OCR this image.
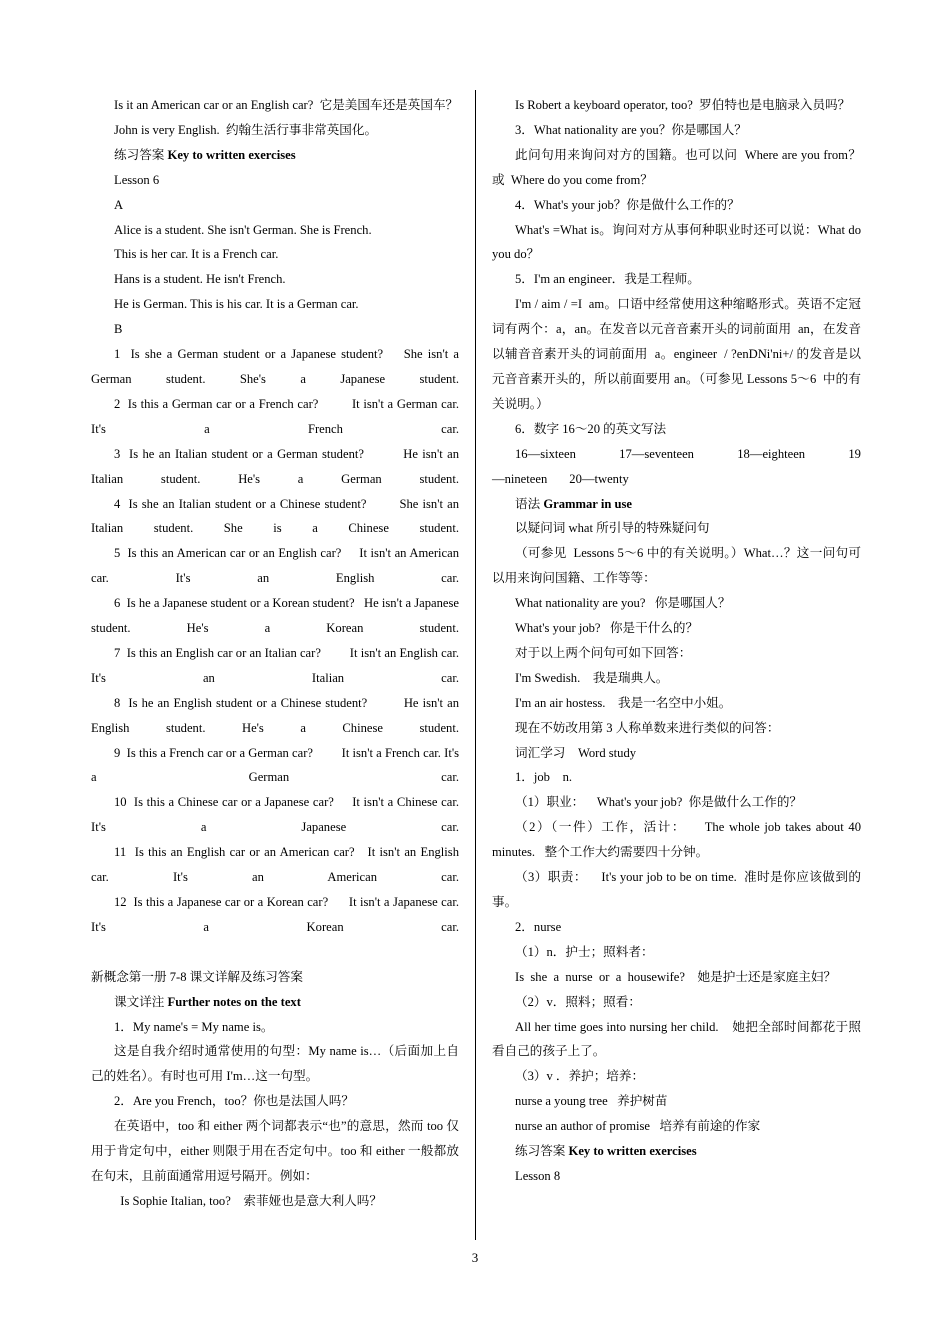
Is it an American car or an English car?  它是美国车还是英国车？

John is very English.  约翰生活行事非常英国化。

练习答案 Key to written exercises

Lesson 6

A

Alice is a student. She isn't German. She is French.

This is her car. It is a French car.

Hans is a student. He isn't French.

He is German. This is his car. It is a German car.

B

1  Is she a German student or a Japanese student?    She isn't a German student. She's a Japanese student.

2  Is this a German car or a French car?         It isn't a German car. It's a French car.

3  Is he an Italian student or a German student?         He isn't an Italian student. He's a German student.

4  Is she an Italian student or a Chinese student?        She isn't an Italian student. She is a Chinese student.

5  Is this an American car or an English car?     It isn't an American car. It's an English car.

6  Is he a Japanese student or a Korean student?   He isn't a Japanese student. He's a Korean student.

7  Is this an English car or an Italian car?         It isn't an English car. It's an Italian car.

8  Is he an English student or a Chinese student?         He isn't an English student. He's a Chinese student.

9  Is this a French car or a German car?         It isn't a French car. It's a German car.

10  Is this a Chinese car or a Japanese car?     It isn't a Chinese car. It's a Japanese car.

11  Is this an English car or an American car?   It isn't an English car. It's an American car.

12  Is this a Japanese car or a Korean car?      It isn't a Japanese car. It's a Korean car.

新概念第一册 7-8 课文详解及练习答案

课文详注 Further notes on the text

1．My name's = My name is。

这是自我介绍时通常使用的句型：My name is…（后面加上自己的姓名）。有时也可用 I'm…这一句型。

2．Are you French，too？你也是法国人吗？

在英语中，too 和 either 两个词都表示“也”的意思，然而 too 仅用于肯定句中，either 则限于用在否定句中。too 和 either 一般都放在句末，且前面通常用逗号隔开。例如：

Is Sophie Italian, too?    索菲娅也是意大利人吗？

Is Robert a keyboard operator, too?  罗伯特也是电脑录入员吗？

3．What nationality are you？你是哪国人？

此问句用来询问对方的国籍。也可以问  Where are you from？或  Where do you come from？

4．What's your job？你是做什么工作的？

What's =What is。询问对方从事何种职业时还可以说：What do you do？

5．I'm an engineer．我是工程师。

I'm / aim / =I  am。口语中经常使用这种缩略形式。英语不定冠词有两个：a，an。在发音以元音音素开头的词前面用  an，在发音以辅音音素开头的词前面用  a。engineer  / ?enDNi'ni+/ 的发音是以元音音素开头的，所以前面要用 an。（可参见 Lessons 5～6  中的有关说明。）

6．数字 16～20 的英文写法

16—sixteen	17—seventeen	18—eighteen	19
—nineteen       20—twenty

语法 Grammar in use

以疑问词 what 所引导的特殊疑问句

（可参见  Lessons 5～6 中的有关说明。）What…？这一问句可以用来询问国籍、工作等等：

What nationality are you?   你是哪国人？

What's your job?   你是干什么的？

对于以上两个问句可如下回答：

I'm Swedish.    我是瑞典人。

I'm an air hostess.    我是一名空中小姐。

现在不妨改用第 3 人称单数来进行类似的问答：

词汇学习    Word study

1．job    n.

（1）职业：    What's your job?  你是做什么工作的？

（2）（一件）工作，活计：    The whole job takes about 40 minutes.   整个工作大约需要四十分钟。

（3）职责：    It's your job to be on time.  准时是你应该做到的事。

2．nurse

（1）n．护士；照料者：

Is  she  a  nurse  or  a  housewife?    她是护士还是家庭主妇？

（2）v．照料；照看：

All her time goes into nursing her child.    她把全部时间都花于照看自己的孩子上了。

（3）v ．养护；培养：

nurse a young tree   养护树苗

nurse an author of promise   培养有前途的作家

练习答案 Key to written exercises

Lesson 8

3
